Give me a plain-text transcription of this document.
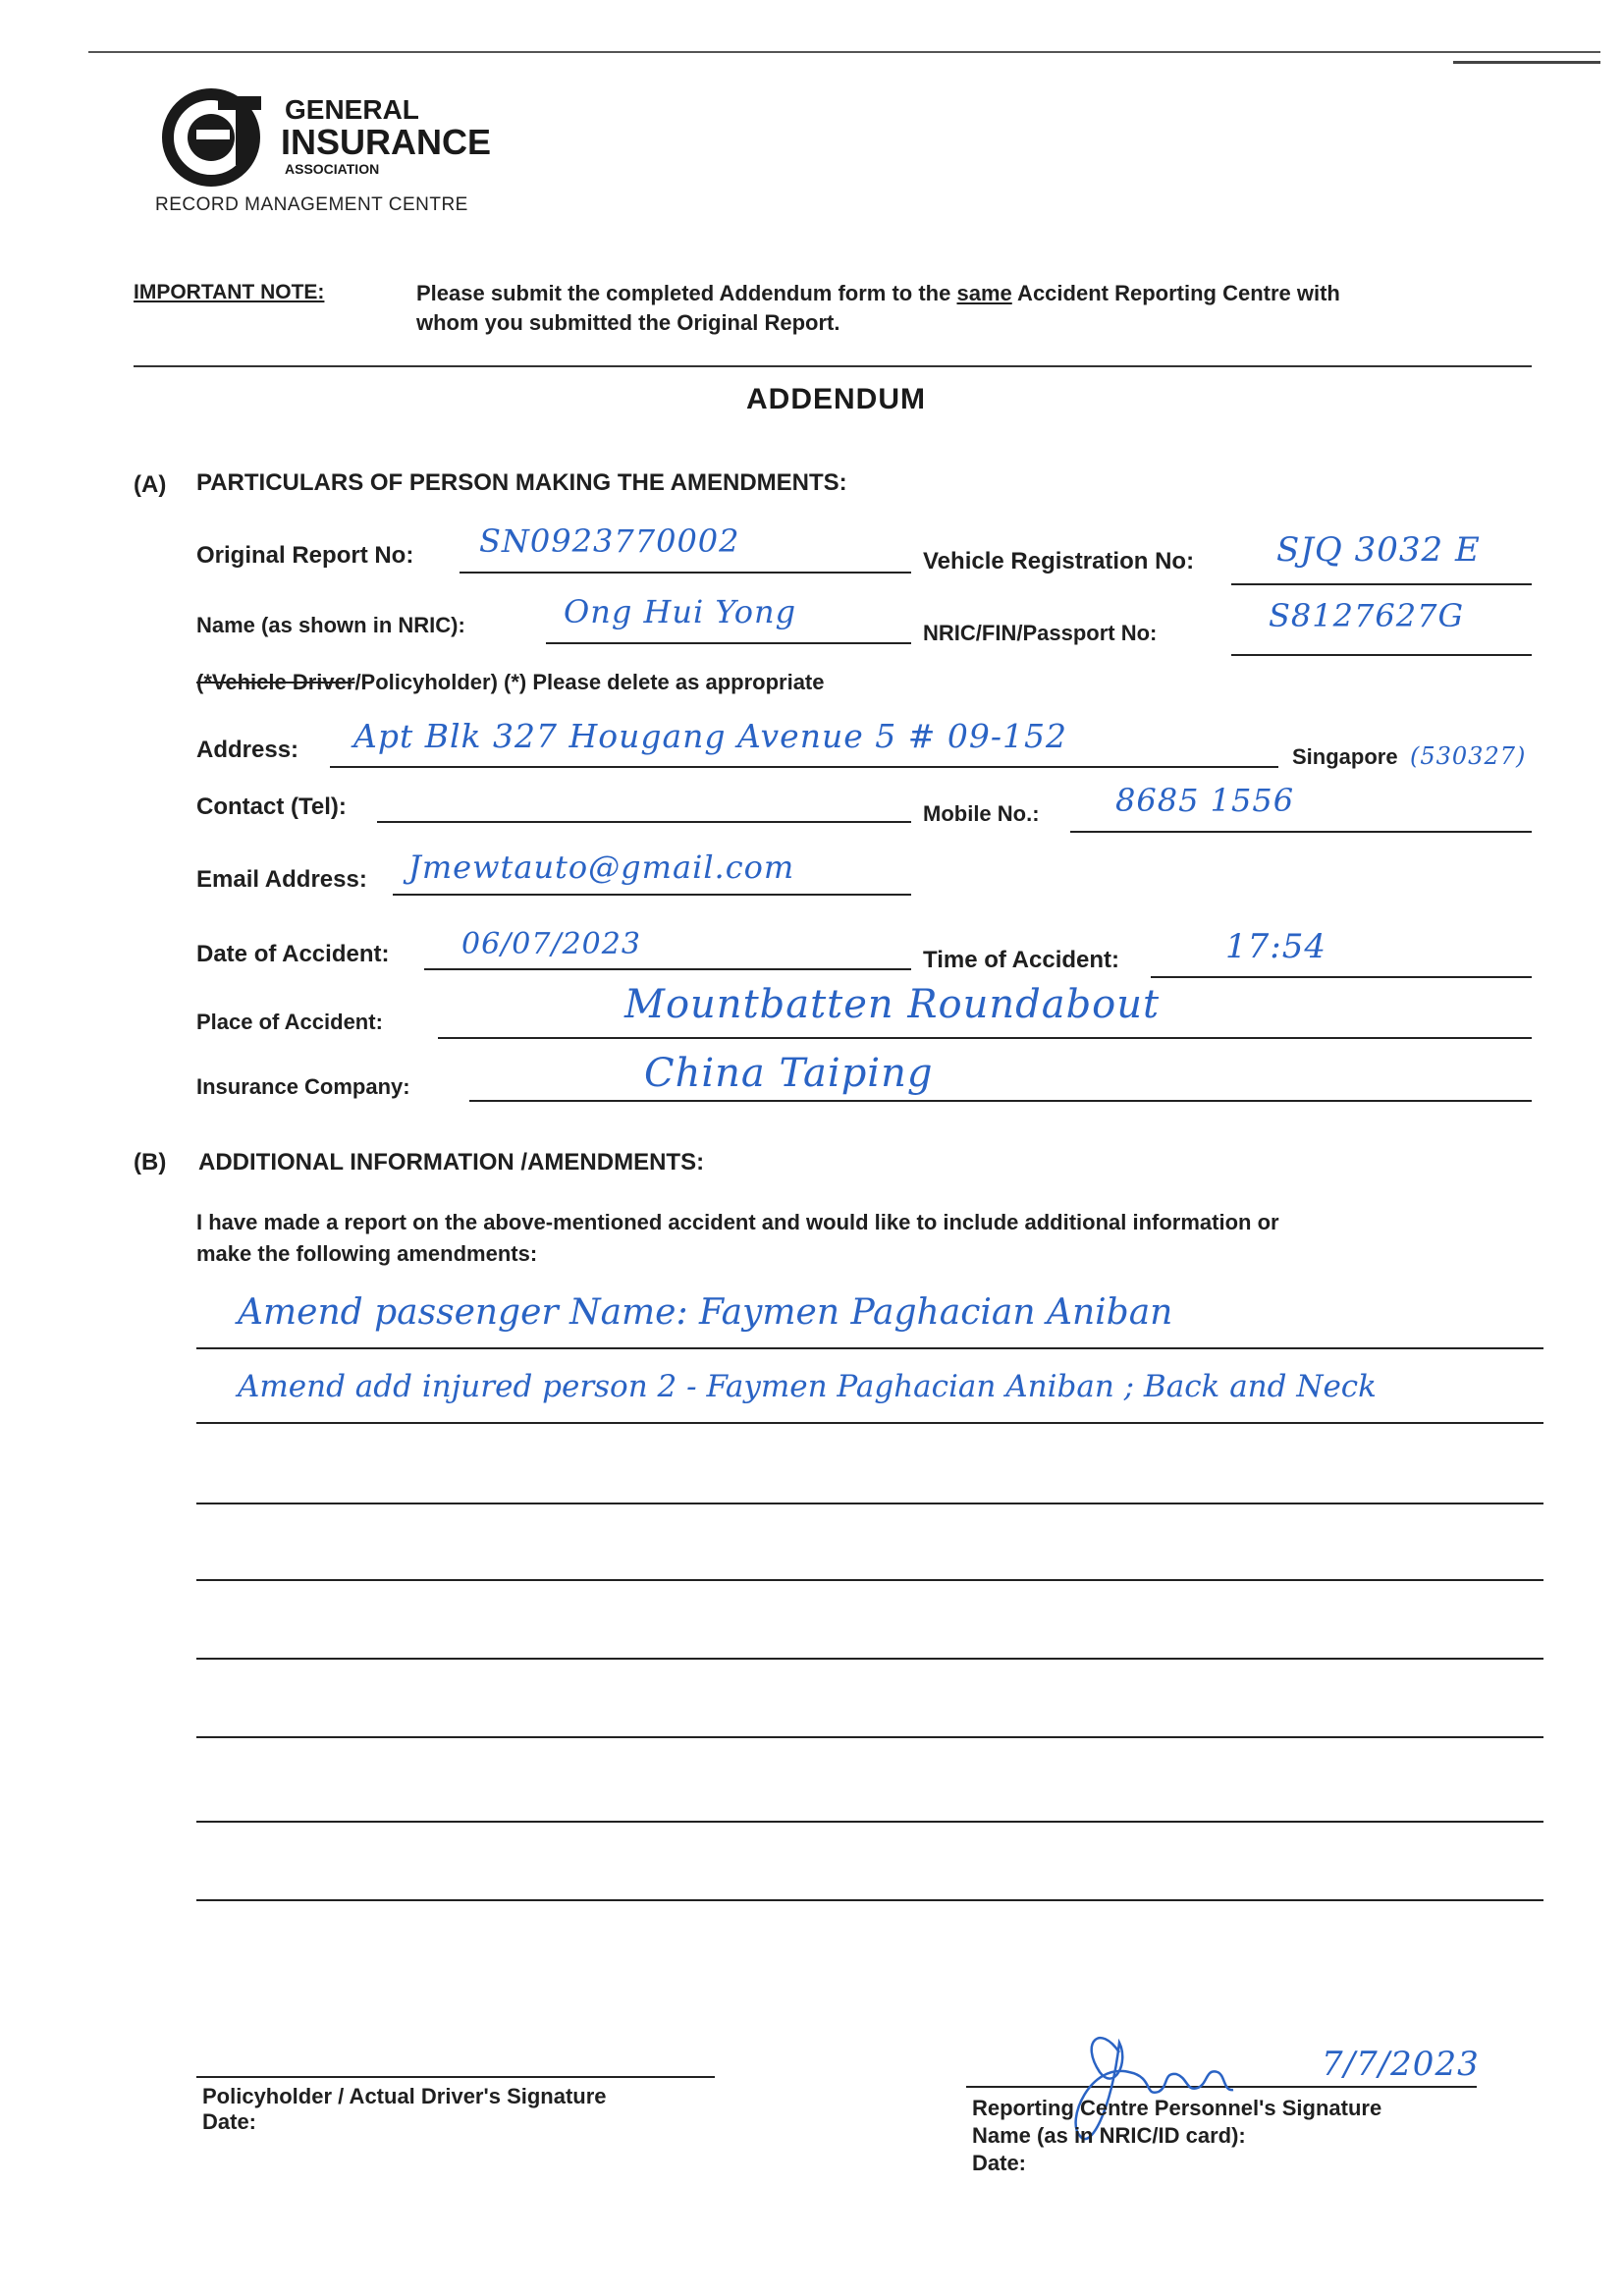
GENERAL
INSURANCE
ASSOCIATION
RECORD MANAGEMENT CENTRE
IMPORTANT NOTE:	Please submit the completed Addendum form to the same Accident Reporting Centre with
whom you submitted the Original Report.
ADDENDUM
(A) PARTICULARS OF PERSON MAKING THE AMENDMENTS:
Original Report No: SN0923770002
Vehicle Registration No: SJQ 3032 E
Name (as shown in NRIC):	Ong Hui Yong
NRIC/FIN/Passport No:	S8127627G
(*Vehicle Driver/Policyholder) (*) Please delete as appropriate
Address: Apt Blk 327 Hougang Avenue 5 # 09-152
Singapore (530327)
Contact (Tel):	Mobile No.: 8685 1556
Email Address: Jmewtauto@gmail.com
Date of Accident: 06/07/2023	Time of Accident:	17:54
Place of Accident:	Mountbatten Roundabout
Insurance Company:	China Taiping
(B) ADDITIONAL INFORMATION /AMENDMENTS:
I have made a report on the above-mentioned accident and would like to include additional information or
make the following amendments:
Amend passenger Name: Faymen Paghacian Aniban
Amend add injured person 2 - Faymen Paghacian Aniban ; Back and Neck
Policyholder / Actual Driver's Signature
Date:
7/7/2023
Reporting Centre Personnel's Signature
Name (as in NRIC/ID card):
Date:
